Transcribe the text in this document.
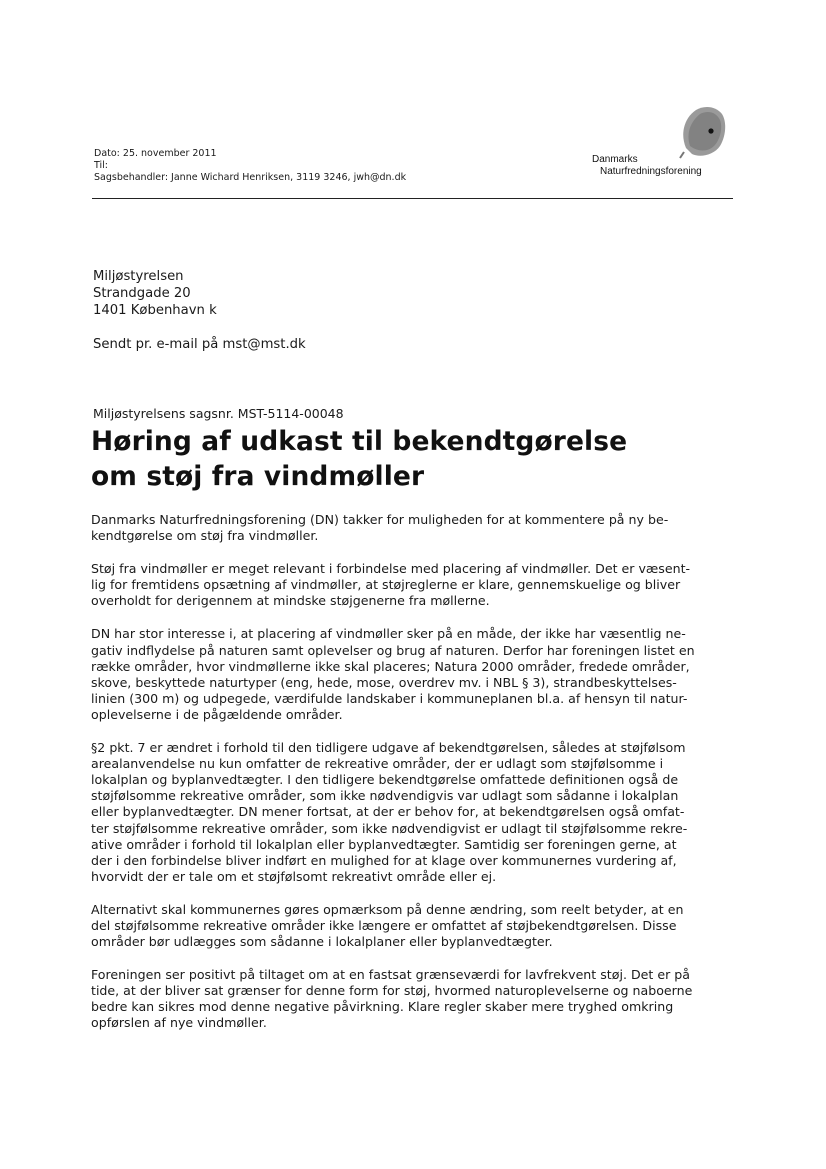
Dato: 25. november 2011
Til:
Sagsbehandler: Janne Wichard Henriksen, 3119 3246, jwh@dn.dk
Danmarks
Naturfredningsforening
Miljøstyrelsen
Strandgade 20
1401 København k
Sendt pr. e-mail på mst@mst.dk
Miljøstyrelsens sagsnr. MST-5114-00048
Høring af udkast til bekendtgørelse
om støj fra vindmøller

Danmarks Naturfredningsforening (DN) takker for muligheden for at kommentere på ny be-
kendtgørelse om støj fra vindmøller.

Støj fra vindmøller er meget relevant i forbindelse med placering af vindmøller. Det er væsent-
lig for fremtidens opsætning af vindmøller, at støjreglerne er klare, gennemskuelige og bliver
overholdt for derigennem at mindske støjgenerne fra møllerne.

DN har stor interesse i, at placering af vindmøller sker på en måde, der ikke har væsentlig ne-
gativ indflydelse på naturen samt oplevelser og brug af naturen. Derfor har foreningen listet en
række områder, hvor vindmøllerne ikke skal placeres; Natura 2000 områder, fredede områder,
skove, beskyttede naturtyper (eng, hede, mose, overdrev mv. i NBL § 3), strandbeskyttelses-
linien (300 m) og udpegede, værdifulde landskaber i kommuneplanen bl.a. af hensyn til natur-
oplevelserne i de pågældende områder.

§2 pkt. 7 er ændret i forhold til den tidligere udgave af bekendtgørelsen, således at støjfølsom
arealanvendelse nu kun omfatter de rekreative områder, der er udlagt som støjfølsomme i
lokalplan og byplanvedtægter. I den tidligere bekendtgørelse omfattede definitionen også de
støjfølsomme rekreative områder, som ikke nødvendigvis var udlagt som sådanne i lokalplan
eller byplanvedtægter. DN mener fortsat, at der er behov for, at bekendtgørelsen også omfat-
ter støjfølsomme rekreative områder, som ikke nødvendigvist er udlagt til støjfølsomme rekre-
ative områder i forhold til lokalplan eller byplanvedtægter. Samtidig ser foreningen gerne, at
der i den forbindelse bliver indført en mulighed for at klage over kommunernes vurdering af,
hvorvidt der er tale om et støjfølsomt rekreativt område eller ej.

Alternativt skal kommunernes gøres opmærksom på denne ændring, som reelt betyder, at en
del støjfølsomme rekreative områder ikke længere er omfattet af støjbekendtgørelsen. Disse
områder bør udlægges som sådanne i lokalplaner eller byplanvedtægter.

Foreningen ser positivt på tiltaget om at en fastsat grænseværdi for lavfrekvent støj. Det er på
tide, at der bliver sat grænser for denne form for støj, hvormed naturoplevelserne og naboerne
bedre kan sikres mod denne negative påvirkning. Klare regler skaber mere tryghed omkring
opførslen af nye vindmøller.
